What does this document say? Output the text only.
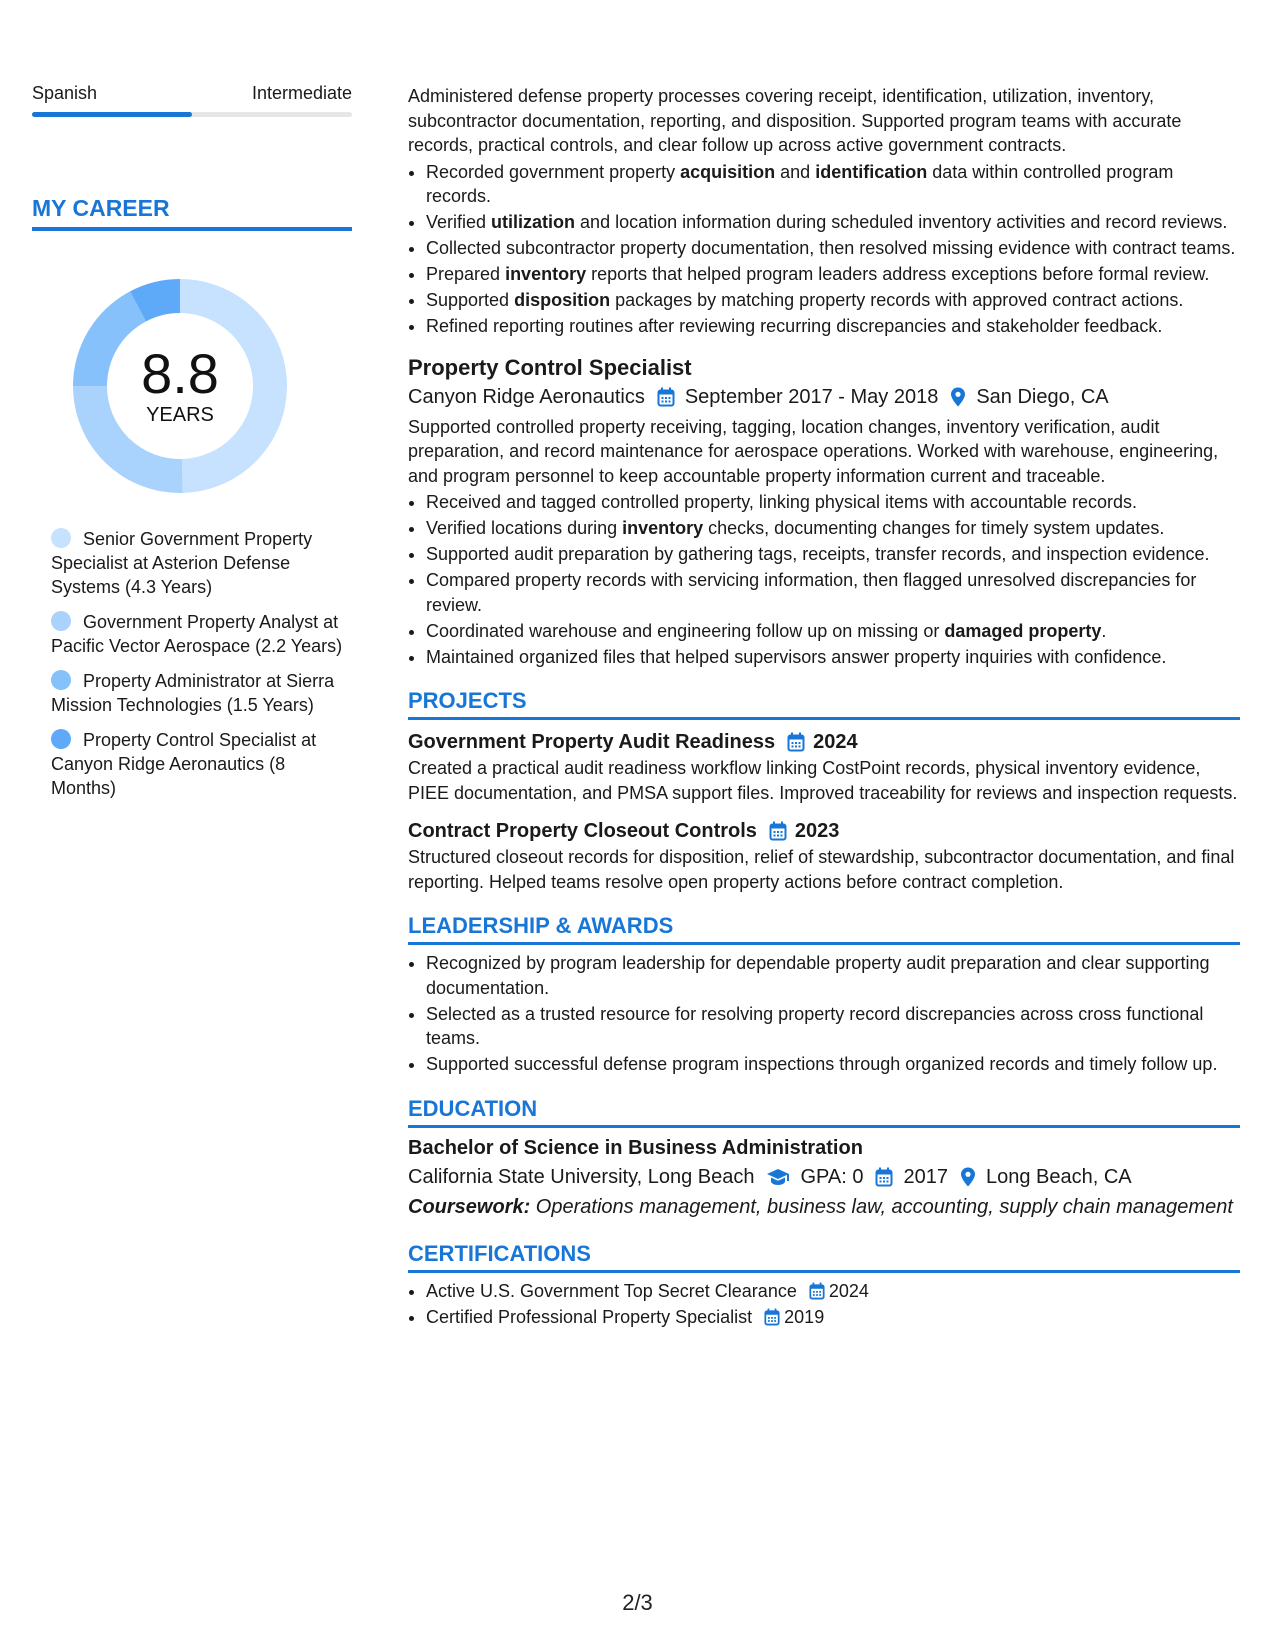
Spanish	Intermediate
MY CAREER
8.8
YEARS
Senior Government Property Specialist at Asterion Defense Systems (4.3 Years)
Government Property Analyst at Pacific Vector Aerospace (2.2 Years)
Property Administrator at Sierra Mission Technologies (1.5 Years)
Property Control Specialist at Canyon Ridge Aeronautics (8 Months)

Administered defense property processes covering receipt, identification, utilization, inventory, subcontractor documentation, reporting, and disposition. Supported program teams with accurate records, practical controls, and clear follow up across active government contracts.

• Recorded government property acquisition and identification data within controlled program records.
• Verified utilization and location information during scheduled inventory activities and record reviews.
• Collected subcontractor property documentation, then resolved missing evidence with contract teams.
• Prepared inventory reports that helped program leaders address exceptions before formal review.
• Supported disposition packages by matching property records with approved contract actions.
• Refined reporting routines after reviewing recurring discrepancies and stakeholder feedback.
Property Control Specialist
Canyon Ridge Aeronautics September 2017 - May 2018 San Diego, CA

Supported controlled property receiving, tagging, location changes, inventory verification, audit preparation, and record maintenance for aerospace operations. Worked with warehouse, engineering, and program personnel to keep accountable property information current and traceable.

• Received and tagged controlled property, linking physical items with accountable records.
• Verified locations during inventory checks, documenting changes for timely system updates.
• Supported audit preparation by gathering tags, receipts, transfer records, and inspection evidence.
• Compared property records with servicing information, then flagged unresolved discrepancies for review.
• Coordinated warehouse and engineering follow up on missing or damaged property.
• Maintained organized files that helped supervisors answer property inquiries with confidence.
PROJECTS
Government Property Audit Readiness 2024

Created a practical audit readiness workflow linking CostPoint records, physical inventory evidence, PIEE documentation, and PMSA support files. Improved traceability for reviews and inspection requests.

Contract Property Closeout Controls 2023

Structured closeout records for disposition, relief of stewardship, subcontractor documentation, and final reporting. Helped teams resolve open property actions before contract completion.

LEADERSHIP & AWARDS
• Recognized by program leadership for dependable property audit preparation and clear supporting documentation.
• Selected as a trusted resource for resolving property record discrepancies across cross functional teams.
• Supported successful defense program inspections through organized records and timely follow up.
EDUCATION
Bachelor of Science in Business Administration
California State University, Long Beach GPA: 0 2017 Long Beach, CA
Coursework: Operations management, business law, accounting, supply chain management
CERTIFICATIONS
• Active U.S. Government Top Secret Clearance 2024
• Certified Professional Property Specialist 2019
2/3
